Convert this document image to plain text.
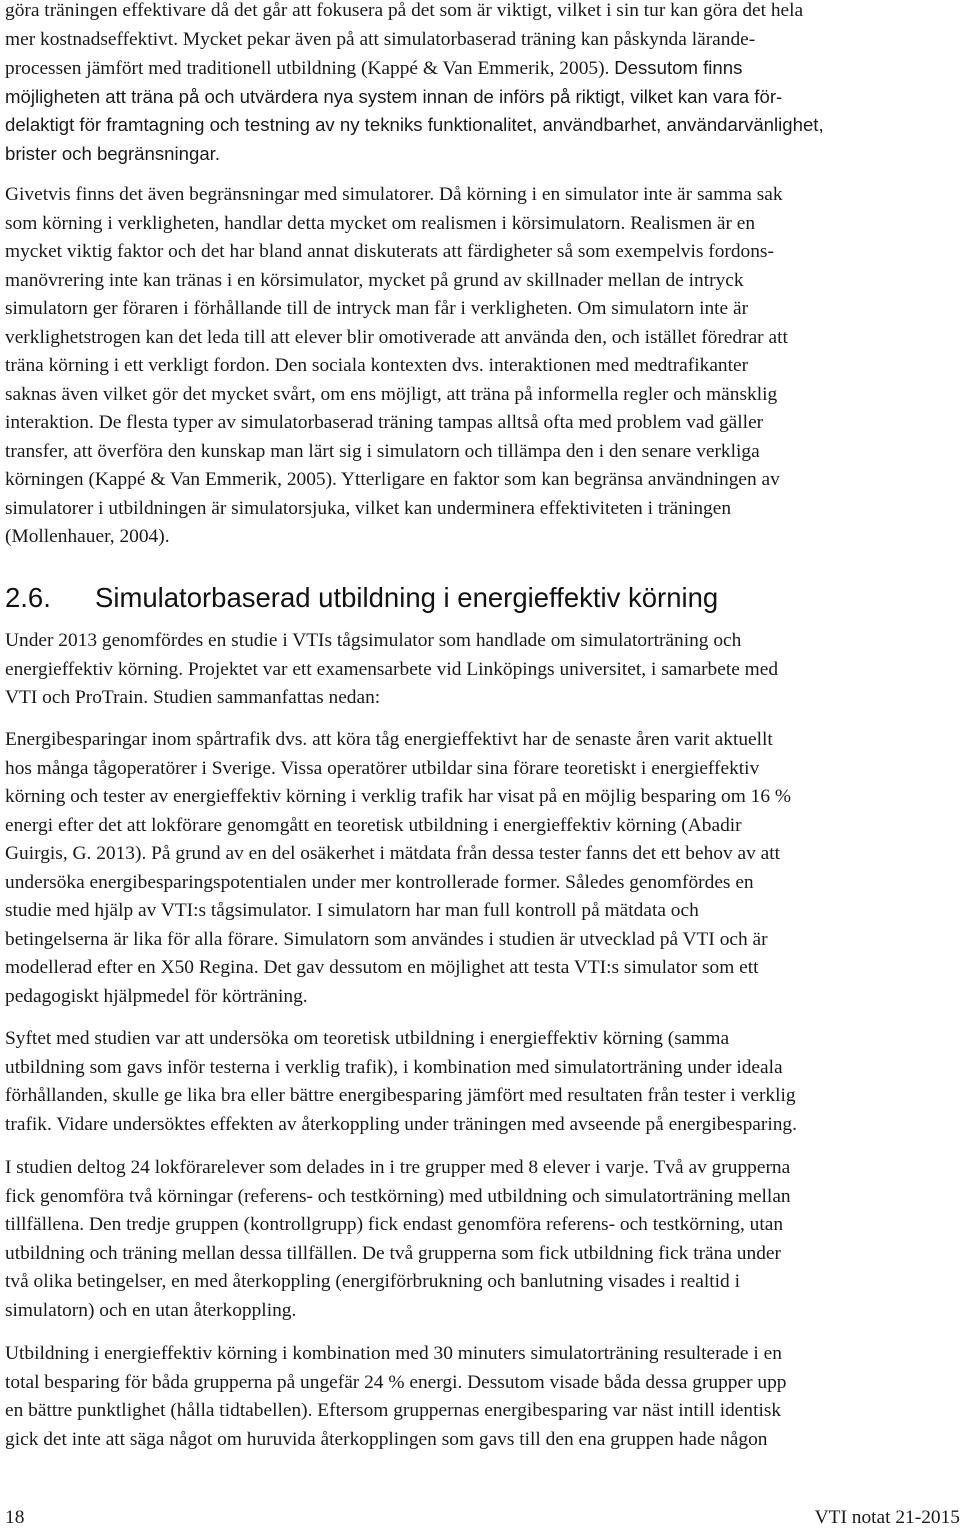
göra träningen effektivare då det går att fokusera på det som är viktigt, vilket i sin tur kan göra det hela
mer kostnadseffektivt. Mycket pekar även på att simulatorbaserad träning kan påskynda lärande-
processen jämfört med traditionell utbildning (Kappé & Van Emmerik, 2005). Dessutom finns
möjligheten att träna på och utvärdera nya system innan de införs på riktigt, vilket kan vara för-
delaktigt för framtagning och testning av ny tekniks funktionalitet, användbarhet, användarvänlighet,
brister och begränsningar.
Givetvis finns det även begränsningar med simulatorer. Då körning i en simulator inte är samma sak
som körning i verkligheten, handlar detta mycket om realismen i körsimulatorn. Realismen är en
mycket viktig faktor och det har bland annat diskuterats att färdigheter så som exempelvis fordons-
manövrering inte kan tränas i en körsimulator, mycket på grund av skillnader mellan de intryck
simulatorn ger föraren i förhållande till de intryck man får i verkligheten. Om simulatorn inte är
verklighetstrogen kan det leda till att elever blir omotiverade att använda den, och istället föredrar att
träna körning i ett verkligt fordon. Den sociala kontexten dvs. interaktionen med medtrafikanter
saknas även vilket gör det mycket svårt, om ens möjligt, att träna på informella regler och mänsklig
interaktion. De flesta typer av simulatorbaserad träning tampas alltså ofta med problem vad gäller
transfer, att överföra den kunskap man lärt sig i simulatorn och tillämpa den i den senare verkliga
körningen (Kappé & Van Emmerik, 2005). Ytterligare en faktor som kan begränsa användningen av
simulatorer i utbildningen är simulatorsjuka, vilket kan underminera effektiviteten i träningen
(Mollenhauer, 2004).
2.6. Simulatorbaserad utbildning i energieffektiv körning
Under 2013 genomfördes en studie i VTIs tågsimulator som handlade om simulatorträning och
energieffektiv körning. Projektet var ett examensarbete vid Linköpings universitet, i samarbete med
VTI och ProTrain. Studien sammanfattas nedan:
Energibesparingar inom spårtrafik dvs. att köra tåg energieffektivt har de senaste åren varit aktuellt
hos många tågoperatörer i Sverige. Vissa operatörer utbildar sina förare teoretiskt i energieffektiv
körning och tester av energieffektiv körning i verklig trafik har visat på en möjlig besparing om 16 %
energi efter det att lokförare genomgått en teoretisk utbildning i energieffektiv körning (Abadir
Guirgis, G. 2013). På grund av en del osäkerhet i mätdata från dessa tester fanns det ett behov av att
undersöka energibesparingspotentialen under mer kontrollerade former. Således genomfördes en
studie med hjälp av VTI:s tågsimulator. I simulatorn har man full kontroll på mätdata och
betingelserna är lika för alla förare. Simulatorn som användes i studien är utvecklad på VTI och är
modellerad efter en X50 Regina. Det gav dessutom en möjlighet att testa VTI:s simulator som ett
pedagogiskt hjälpmedel för körträning.
Syftet med studien var att undersöka om teoretisk utbildning i energieffektiv körning (samma
utbildning som gavs inför testerna i verklig trafik), i kombination med simulatorträning under ideala
förhållanden, skulle ge lika bra eller bättre energibesparing jämfört med resultaten från tester i verklig
trafik. Vidare undersöktes effekten av återkoppling under träningen med avseende på energibesparing.
I studien deltog 24 lokförarelever som delades in i tre grupper med 8 elever i varje. Två av grupperna
fick genomföra två körningar (referens- och testkörning) med utbildning och simulatorträning mellan
tillfällena. Den tredje gruppen (kontrollgrupp) fick endast genomföra referens- och testkörning, utan
utbildning och träning mellan dessa tillfällen. De två grupperna som fick utbildning fick träna under
två olika betingelser, en med återkoppling (energiförbrukning och banlutning visades i realtid i
simulatorn) och en utan återkoppling.
Utbildning i energieffektiv körning i kombination med 30 minuters simulatorträning resulterade i en
total besparing för båda grupperna på ungefär 24 % energi. Dessutom visade båda dessa grupper upp
en bättre punktlighet (hålla tidtabellen). Eftersom gruppernas energibesparing var näst intill identisk
gick det inte att säga något om huruvida återkopplingen som gavs till den ena gruppen hade någon
18	VTI notat 21-2015
